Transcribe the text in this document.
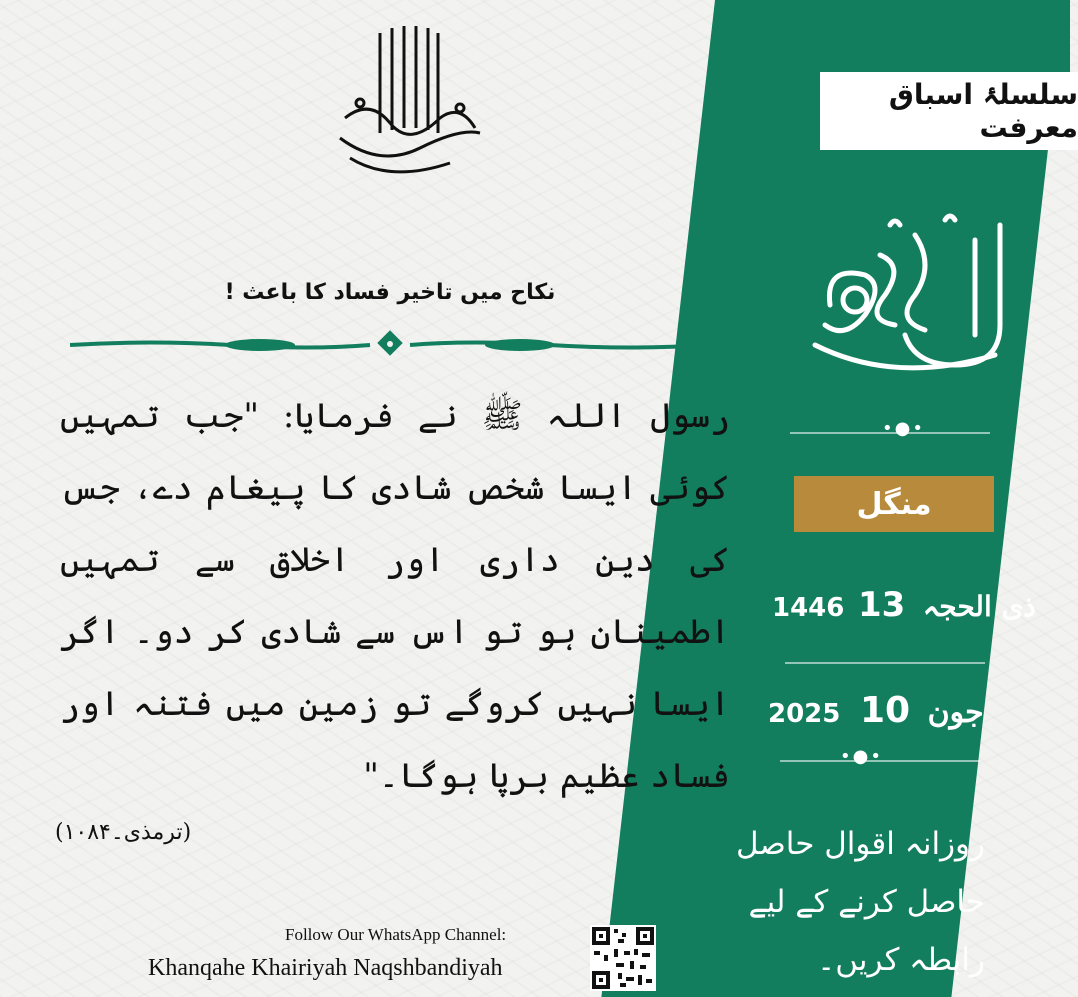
سلسلۂ اسباق معرفت
•●•
منگل
1446	ذی الحجہ 13
2025	جون 10
•●•
روزانہ اقوال حاصل حاصل کرنے کے لیے رابطہ کریں۔
نکاح میں تاخیر فساد کا باعث !
رسول اللہ ﷺ نے فرمایا: "جب تمہیں کوئی ایسا شخص شادی کا پیغام دے، جس کی دین داری اور اخلاق سے تمہیں اطمینان ہو تو اس سے شادی کر دو۔ اگر ایسا نہیں کروگے تو زمین میں فتنہ اور فساد عظیم برپا ہوگا۔"
(ترمذی۔۱۰۸۴)
Follow Our WhatsApp Channel:
Khanqahe Khairiyah Naqshbandiyah
